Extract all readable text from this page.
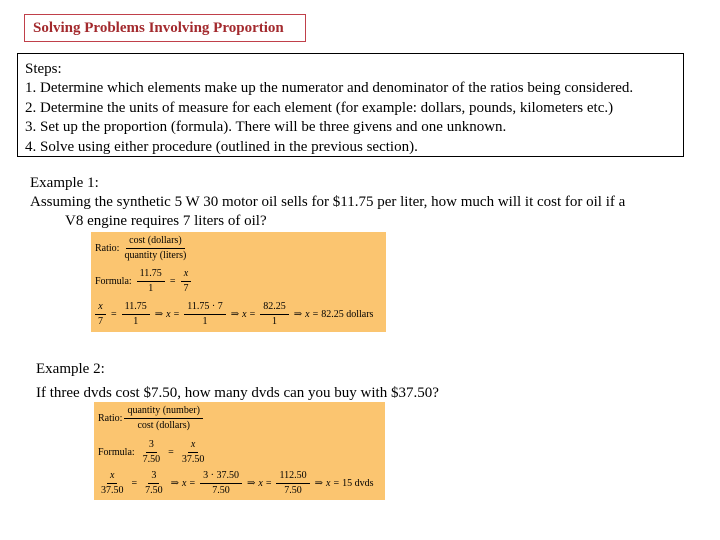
Solving Problems Involving Proportion
Steps:
1. Determine which elements make up the numerator and denominator of the ratios being considered.
2. Determine the units of measure for each element (for example: dollars, pounds, kilometers etc.)
3. Set up the proportion (formula). There will be three givens and one unknown.
4. Solve using either procedure (outlined in the previous section).
Example 1:
Assuming the synthetic 5 W 30 motor oil sells for $11.75 per liter, how much will it cost for oil if a
V8 engine requires 7 liters of oil?
Ratio: $\frac{\text{cost (dollars)}}{\text{quantity (liters)}}$
Formula: $\frac{11.75}{1} = \frac{x}{7}$
$\frac{x}{7} = \frac{11.75}{1}$ ⇒ $x = \frac{11.75 \cdot 7}{1}$ ⇒ $x = \frac{82.25}{1}$ ⇒ x = 82.25 dollars
Example 2:
If three dvds cost $7.50, how many dvds can you buy with $37.50?
Ratio: $\frac{\text{quantity (number)}}{\text{cost (dollars)}}$
Formula: $\frac{3}{7.50} = \frac{x}{37.50}$
$\frac{x}{37.50} = \frac{3}{7.50}$ ⇒ $x = \frac{3 \cdot 37.50}{7.50}$ ⇒ $x = \frac{112.50}{7.50}$ ⇒ x = 15 dvds
